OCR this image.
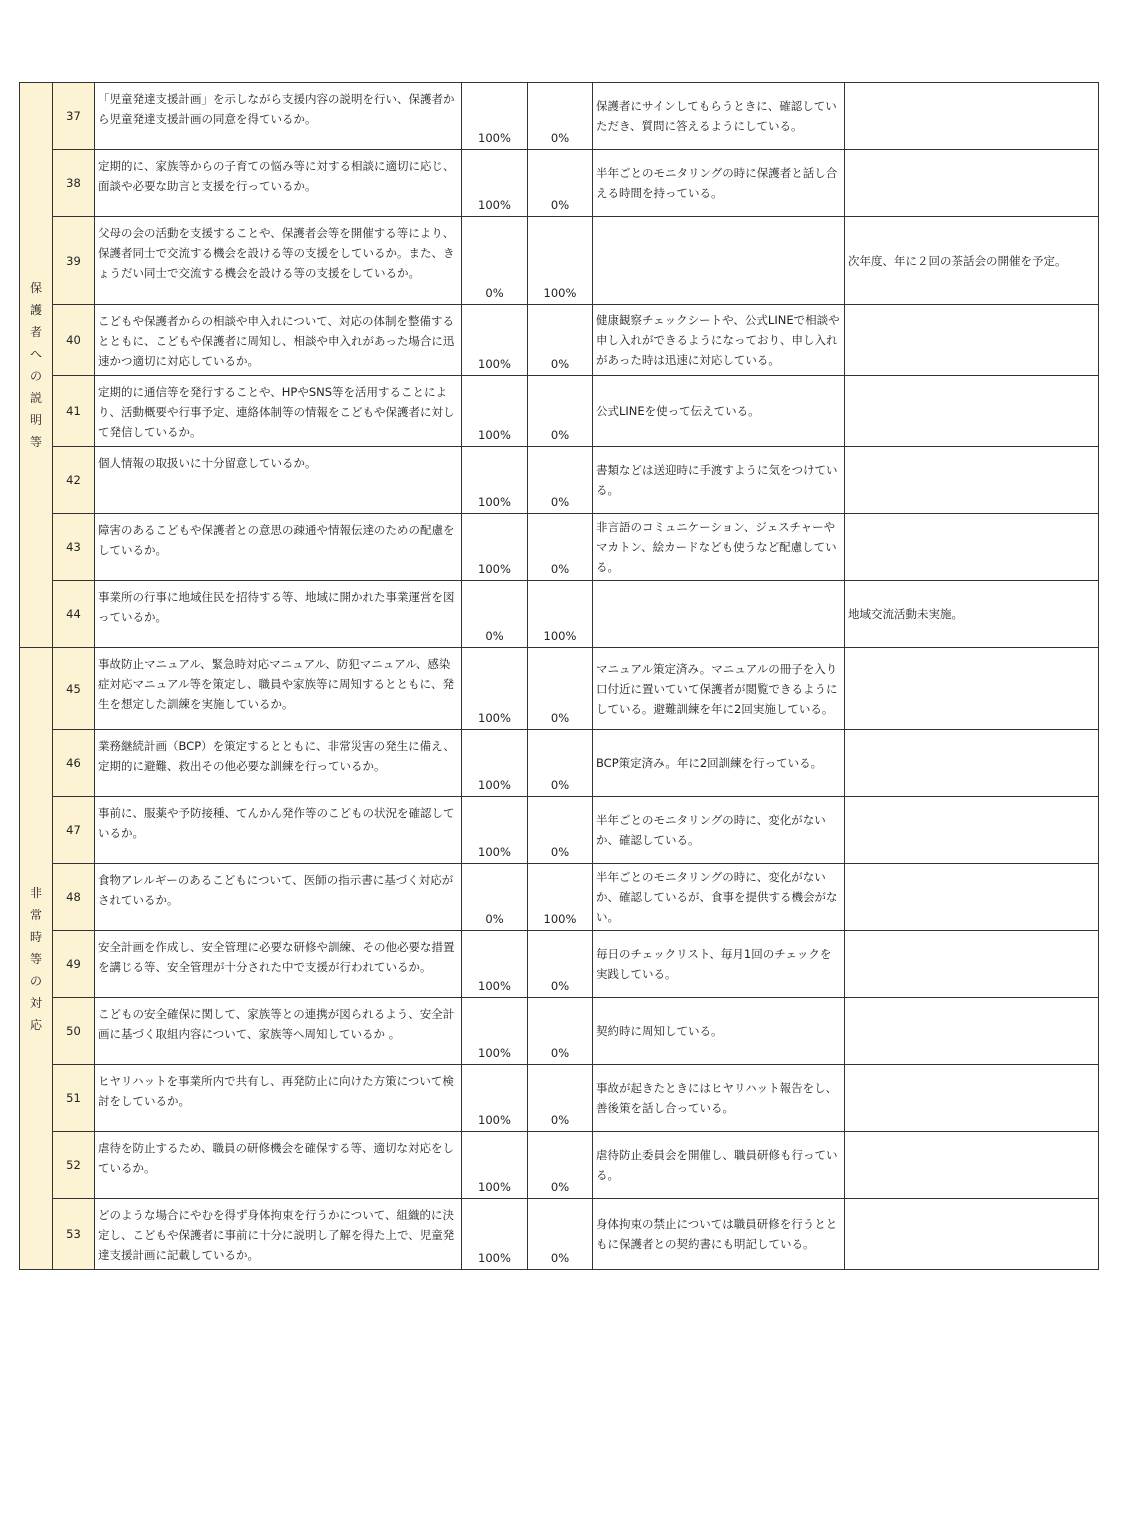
保護者への説明等	37	「児童発達支援計画」を示しながら支援内容の説明を行い、保護者から児童発達支援計画の同意を得ているか。	100%	0%	保護者にサインしてもらうときに、確認していただき、質問に答えるようにしている。	
	38	定期的に、家族等からの子育ての悩み等に対する相談に適切に応じ、面談や必要な助言と支援を行っているか。	100%	0%	半年ごとのモニタリングの時に保護者と話し合える時間を持っている。	
	39	父母の会の活動を支援することや、保護者会等を開催する等により、保護者同士で交流する機会を設ける等の支援をしているか。また、きょうだい同士で交流する機会を設ける等の支援をしているか。	0%	100%		次年度、年に２回の茶話会の開催を予定。
	40	こどもや保護者からの相談や申入れについて、対応の体制を整備するとともに、こどもや保護者に周知し、相談や申入れがあった場合に迅速かつ適切に対応しているか。	100%	0%	健康観察チェックシートや、公式LINEで相談や申し入れができるようになっており、申し入れがあった時は迅速に対応している。	
	41	定期的に通信等を発行することや、HPやSNS等を活用することにより、活動概要や行事予定、連絡体制等の情報をこどもや保護者に対して発信しているか。	100%	0%	公式LINEを使って伝えている。	
	42	個人情報の取扱いに十分留意しているか。	100%	0%	書類などは送迎時に手渡すように気をつけている。	
	43	障害のあるこどもや保護者との意思の疎通や情報伝達のための配慮をしているか。	100%	0%	非言語のコミュニケーション、ジェスチャーやマカトン、絵カードなども使うなど配慮している。	
	44	事業所の行事に地域住民を招待する等、地域に開かれた事業運営を図っているか。	0%	100%		地域交流活動未実施。
非常時等の対応	45	事故防止マニュアル、緊急時対応マニュアル、防犯マニュアル、感染症対応マニュアル等を策定し、職員や家族等に周知するとともに、発生を想定した訓練を実施しているか。	100%	0%	マニュアル策定済み。マニュアルの冊子を入り口付近に置いていて保護者が閲覧できるようにしている。避難訓練を年に2回実施している。	
	46	業務継続計画（BCP）を策定するとともに、非常災害の発生に備え、定期的に避難、救出その他必要な訓練を行っているか。	100%	0%	BCP策定済み。年に2回訓練を行っている。	
	47	事前に、服薬や予防接種、てんかん発作等のこどもの状況を確認しているか。	100%	0%	半年ごとのモニタリングの時に、変化がないか、確認している。	
	48	食物アレルギーのあるこどもについて、医師の指示書に基づく対応がされているか。	0%	100%	半年ごとのモニタリングの時に、変化がないか、確認しているが、食事を提供する機会がない。	
	49	安全計画を作成し、安全管理に必要な研修や訓練、その他必要な措置を講じる等、安全管理が十分された中で支援が行われているか。	100%	0%	毎日のチェックリスト、毎月1回のチェックを実践している。	
	50	こどもの安全確保に関して、家族等との連携が図られるよう、安全計画に基づく取組内容について、家族等へ周知しているか 。	100%	0%	契約時に周知している。	
	51	ヒヤリハットを事業所内で共有し、再発防止に向けた方策について検討をしているか。	100%	0%	事故が起きたときにはヒヤリハット報告をし、善後策を話し合っている。	
	52	虐待を防止するため、職員の研修機会を確保する等、適切な対応をしているか。	100%	0%	虐待防止委員会を開催し、職員研修も行っている。	
	53	どのような場合にやむを得ず身体拘束を行うかについて、組織的に決定し、こどもや保護者に事前に十分に説明し了解を得た上で、児童発達支援計画に記載しているか。	100%	0%	身体拘束の禁止については職員研修を行うとともに保護者との契約書にも明記している。	
